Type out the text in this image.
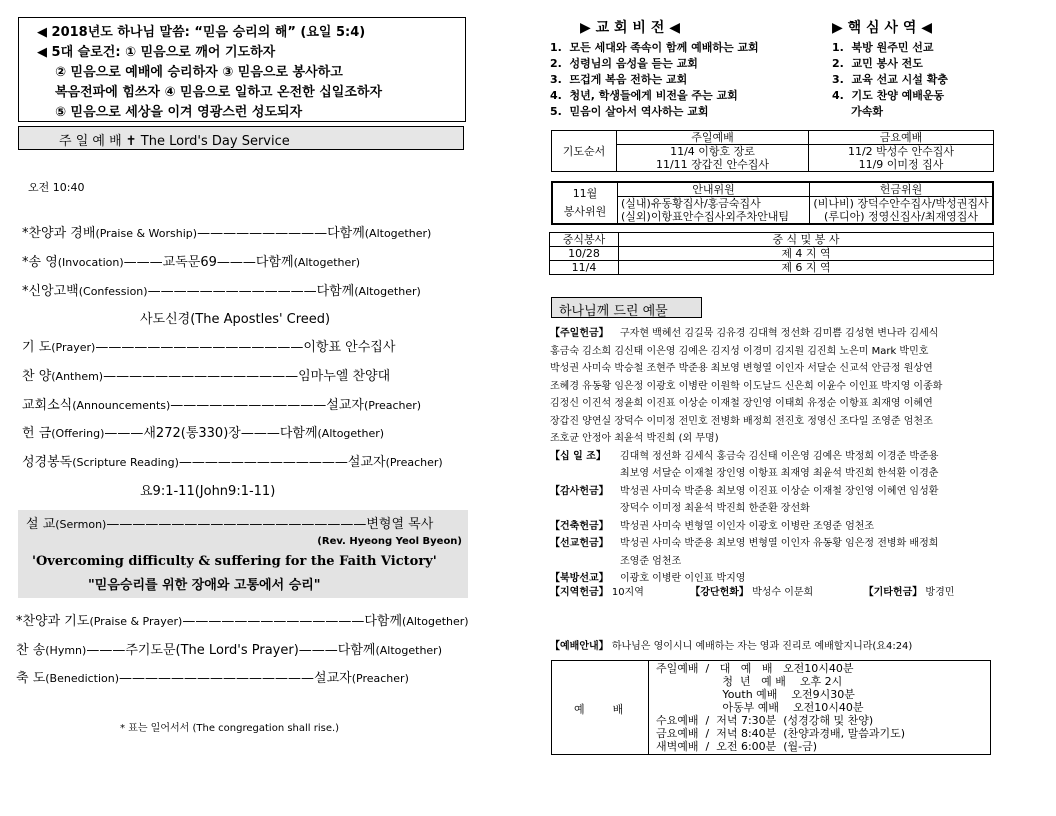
◀ 2018년도 하나님 말씀: “믿음 승리의 해” (요일 5:4)
◀ 5대 슬로건: ① 믿음으로 깨어 기도하자
② 믿음으로 예배에 승리하자 ③ 믿음으로 봉사하고
복음전파에 힘쓰자 ④ 믿음으로 일하고 온전한 십일조하자
⑤ 믿음으로 세상을 이겨 영광스런 성도되자
주 일 예 배 ✝ The Lord's Day Service
오전 10:40
*찬양과 경배(Praise & Worship)——————————다함께(Altogether)
*송 영(Invocation)———교독문69———다함께(Altogether)
*신앙고백(Confession)—————————————다함께(Altogether)
사도신경(The Apostles' Creed)
기 도(Prayer)————————————————이항표 안수집사
찬 양(Anthem)———————————————임마누엘 찬양대
교회소식(Announcements)————————————설교자(Preacher)
헌 금(Offering)———새272(통330)장———다함께(Altogether)
성경봉독(Scripture Reading)—————————————설교자(Preacher)
요9:1-11(John9:1-11)
설 교(Sermon)————————————————————변형열 목사
(Rev. Hyeong Yeol Byeon)
'Overcoming difficulty & suffering for the Faith Victory'
"믿음승리를 위한 장애와 고통에서 승리"
*찬양과 기도(Praise & Prayer)——————————————다함께(Altogether)
찬 송(Hymn)———주기도문(The Lord's Prayer)———다함께(Altogether)
축 도(Benediction)———————————————설교자(Preacher)
* 표는 일어서서 (The congregation shall rise.)
▶ 교 회 비 전 ◀	▶ 핵 심 사 역 ◀
1.  모든 세대와 족속이 함께 예배하는 교회
2.  성령님의 음성을 듣는 교회
3.  뜨겁게 복음 전하는 교회
4.  청년, 학생들에게 비전을 주는 교회
5.  믿음이 살아서 역사하는 교회
1.  북방 원주민 선교
2.  교민 봉사 전도
3.  교육 선교 시설 확충
4.  기도 찬양 예배운동
가속화
기도순서	주일예배	금요예배
	11/4 이항호 장로	11/2 박성수 안수집사
	11/11 장갑진 안수집사	11/9 이미정 집사
11월
봉사위원	안내위원	헌금위원
	(실내)유동황집사/홍금숙집사	(비나비) 장덕수안수집사/박성권집사
	(실외)이항표안수집사외주차안내팀	(루디아) 정영신집사/최재영집사
중식봉사	중 식 및 봉 사
10/28	제 4 지 역
11/4	제 6 지 역
하나님께 드린 예물
【주일헌금】 구자현 백혜선 김길묵 김유경 김대혁 정선화 김미쁨 김성현 변나라 김세식
홍금숙 김소희 김신태 이은영 김예은 김지성 이경미 김지원 김진희 노은미 Mark 박민호
박성권 사미숙 박승철 조현주 박준용 최보영 변형열 이인자 서달순 신교석 안금정 원상연
조혜경 유동황 임은정 이광호 이병란 이원학 이도날드 신은희 이윤수 이인표 박지영 이종화
김정신 이진석 정윤희 이진표 이상순 이재철 장인영 이태희 유정순 이항표 최재영 이혜연
장갑진 양연실 장덕수 이미정 전민호 전병화 배정희 전진호 정영신 조다일 조영준 엄천조
조호균 안정아 최윤석 박진희 (외 무명)
【십 일 조】 김대혁 정선화 김세식 홍금숙 김신태 이은영 김예은 박정희 이경준 박준용
최보영 서달순 이재철 장인영 이항표 최재영 최윤석 박진희 한석환 이경춘
【감사헌금】 박성권 사미숙 박준용 최보영 이진표 이상순 이재철 장인영 이혜연 임성환
장덕수 이미정 최윤석 박진희 한준환 장선화
【건축헌금】 박성권 사미숙 변형열 이인자 이광호 이병란 조영준 엄천조
【선교헌금】 박성권 사미숙 박준용 최보영 변형열 이인자 유동황 임은정 전병화 배정희
조영준 엄천조
【북방선교】 이광호 이병란 이인표 박지영
【지역헌금】 10지역	【강단헌화】 박성수 이문희	【기타헌금】 방경민
【예배안내】 하나님은 영이시니 예배하는 자는 영과 진리로 예배할지니라(요4:24)
예        배
주일예배  /   대   예   배   오전10시40분
청  년   예 배    오후 2시
Youth 예배    오전9시30분
아동부 예배    오전10시40분
수요예배  /  저녁 7:30분  (성경강해 및 찬양)
금요예배  /  저녁 8:40분  (찬양과경배, 말씀과기도)
새벽예배  /  오전 6:00분  (월-금)
